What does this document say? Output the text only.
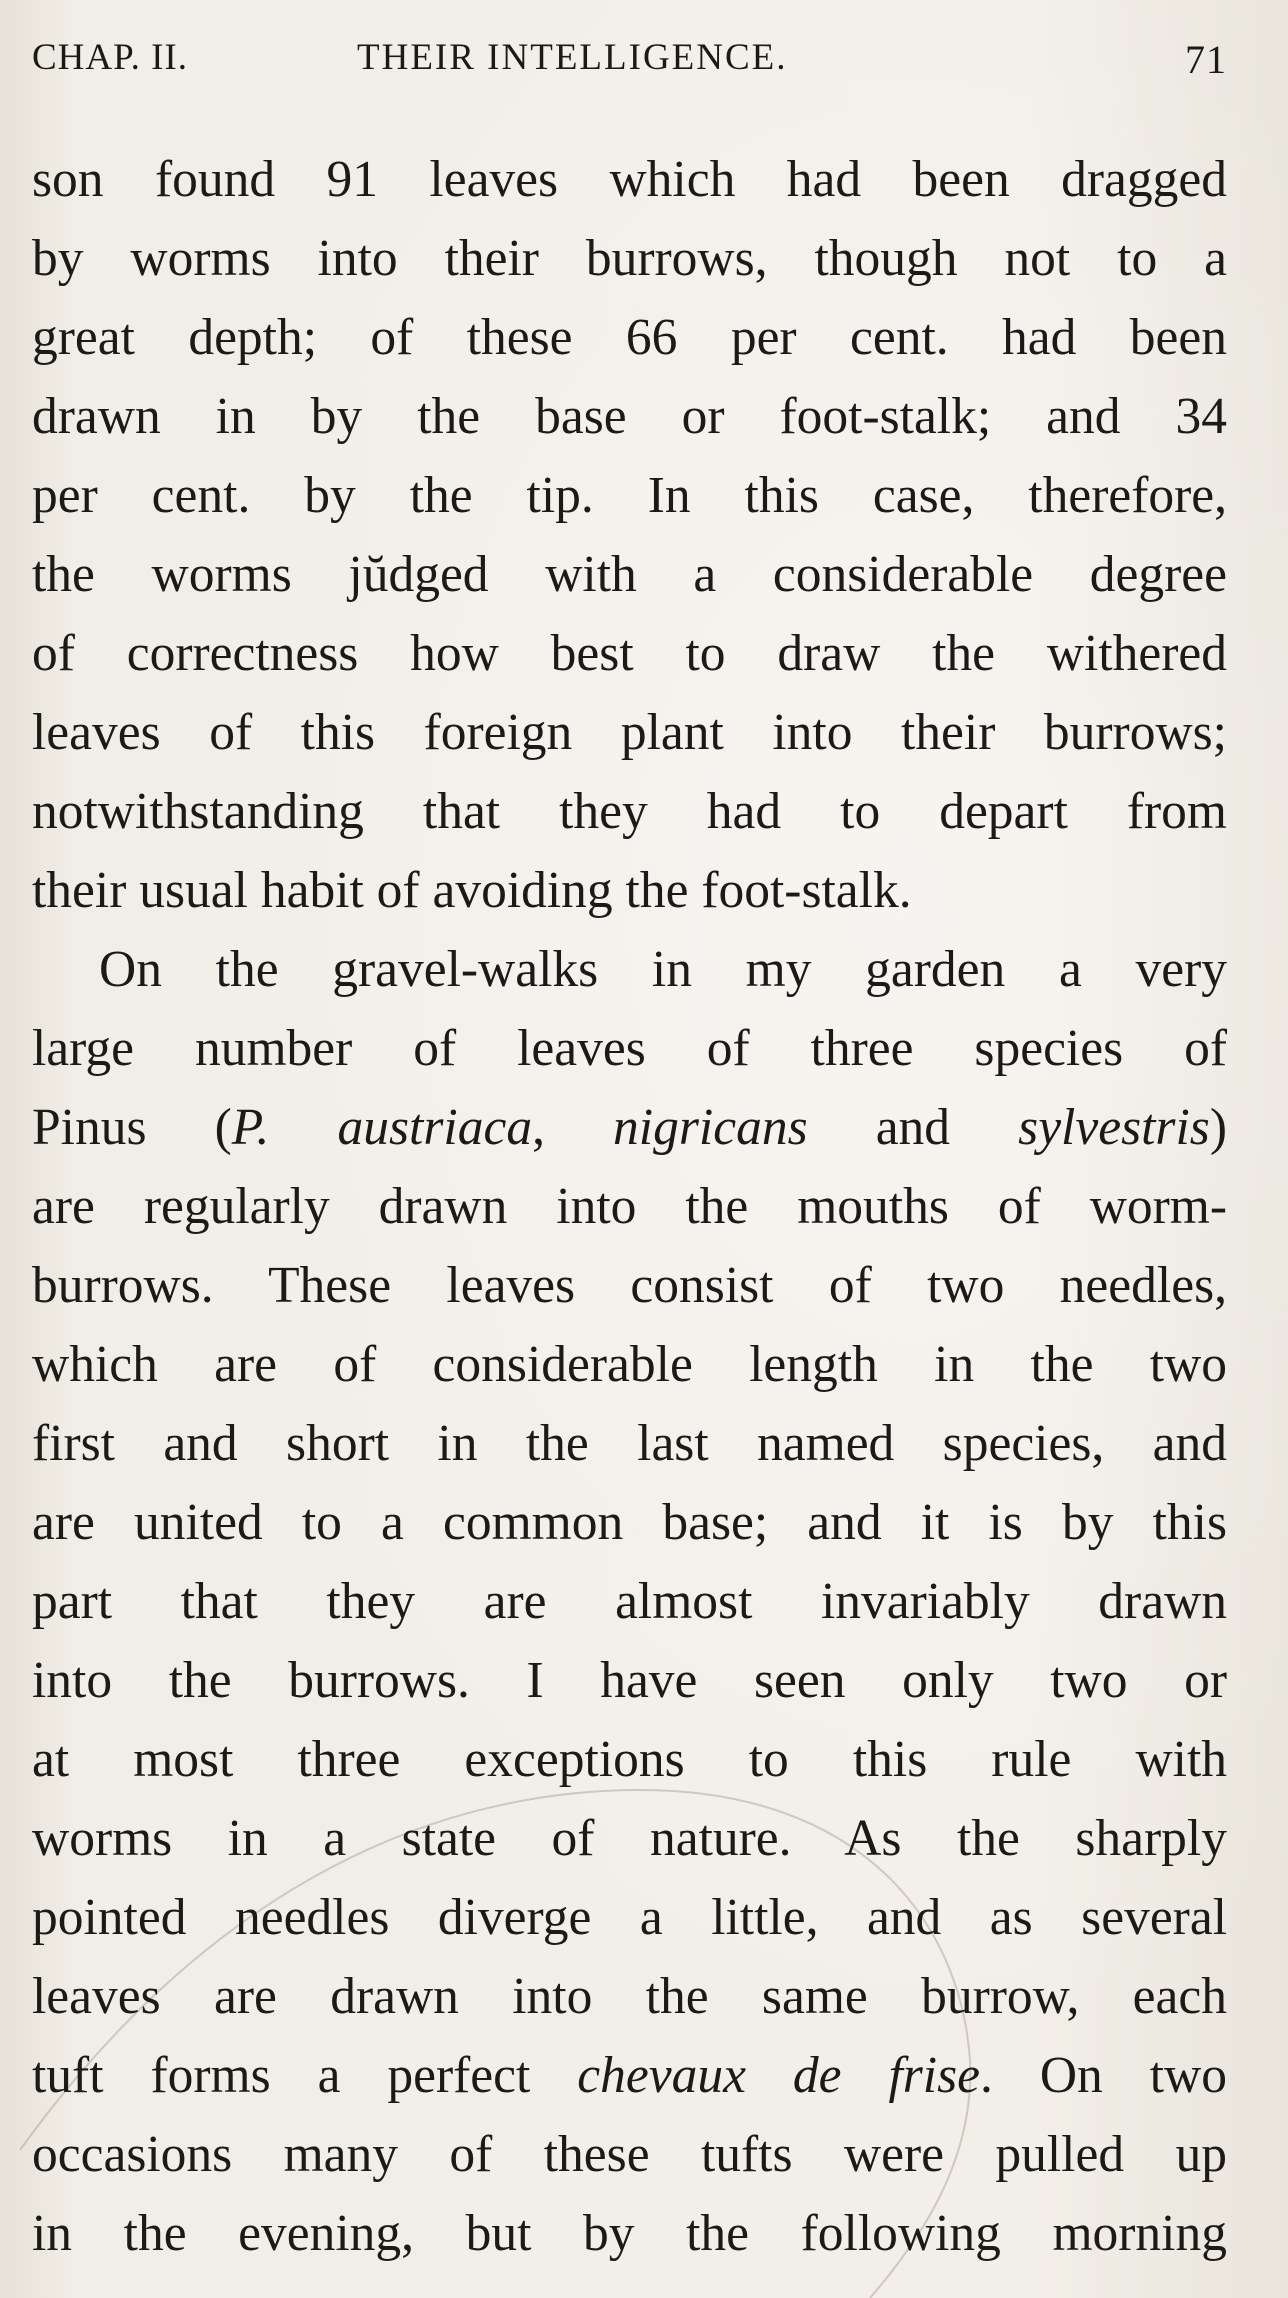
CHAP. II.	THEIR INTELLIGENCE.	71
son found 91 leaves which had been dragged
by worms into their burrows, though not to a
great depth; of these 66 per cent. had been
drawn in by the base or foot-stalk; and 34
per cent. by the tip. In this case, therefore,
the worms jŭdged with a considerable degree
of correctness how best to draw the withered
leaves of this foreign plant into their burrows;
notwithstanding that they had to depart from
their usual habit of avoiding the foot-stalk.
On the gravel-walks in my garden a very
large number of leaves of three species of
Pinus (P. austriaca, nigricans and sylvestris)
are regularly drawn into the mouths of worm-
burrows. These leaves consist of two needles,
which are of considerable length in the two
first and short in the last named species, and
are united to a common base; and it is by this
part that they are almost invariably drawn
into the burrows. I have seen only two or
at most three exceptions to this rule with
worms in a state of nature. As the sharply
pointed needles diverge a little, and as several
leaves are drawn into the same burrow, each
tuft forms a perfect chevaux de frise. On two
occasions many of these tufts were pulled up
in the evening, but by the following morning
